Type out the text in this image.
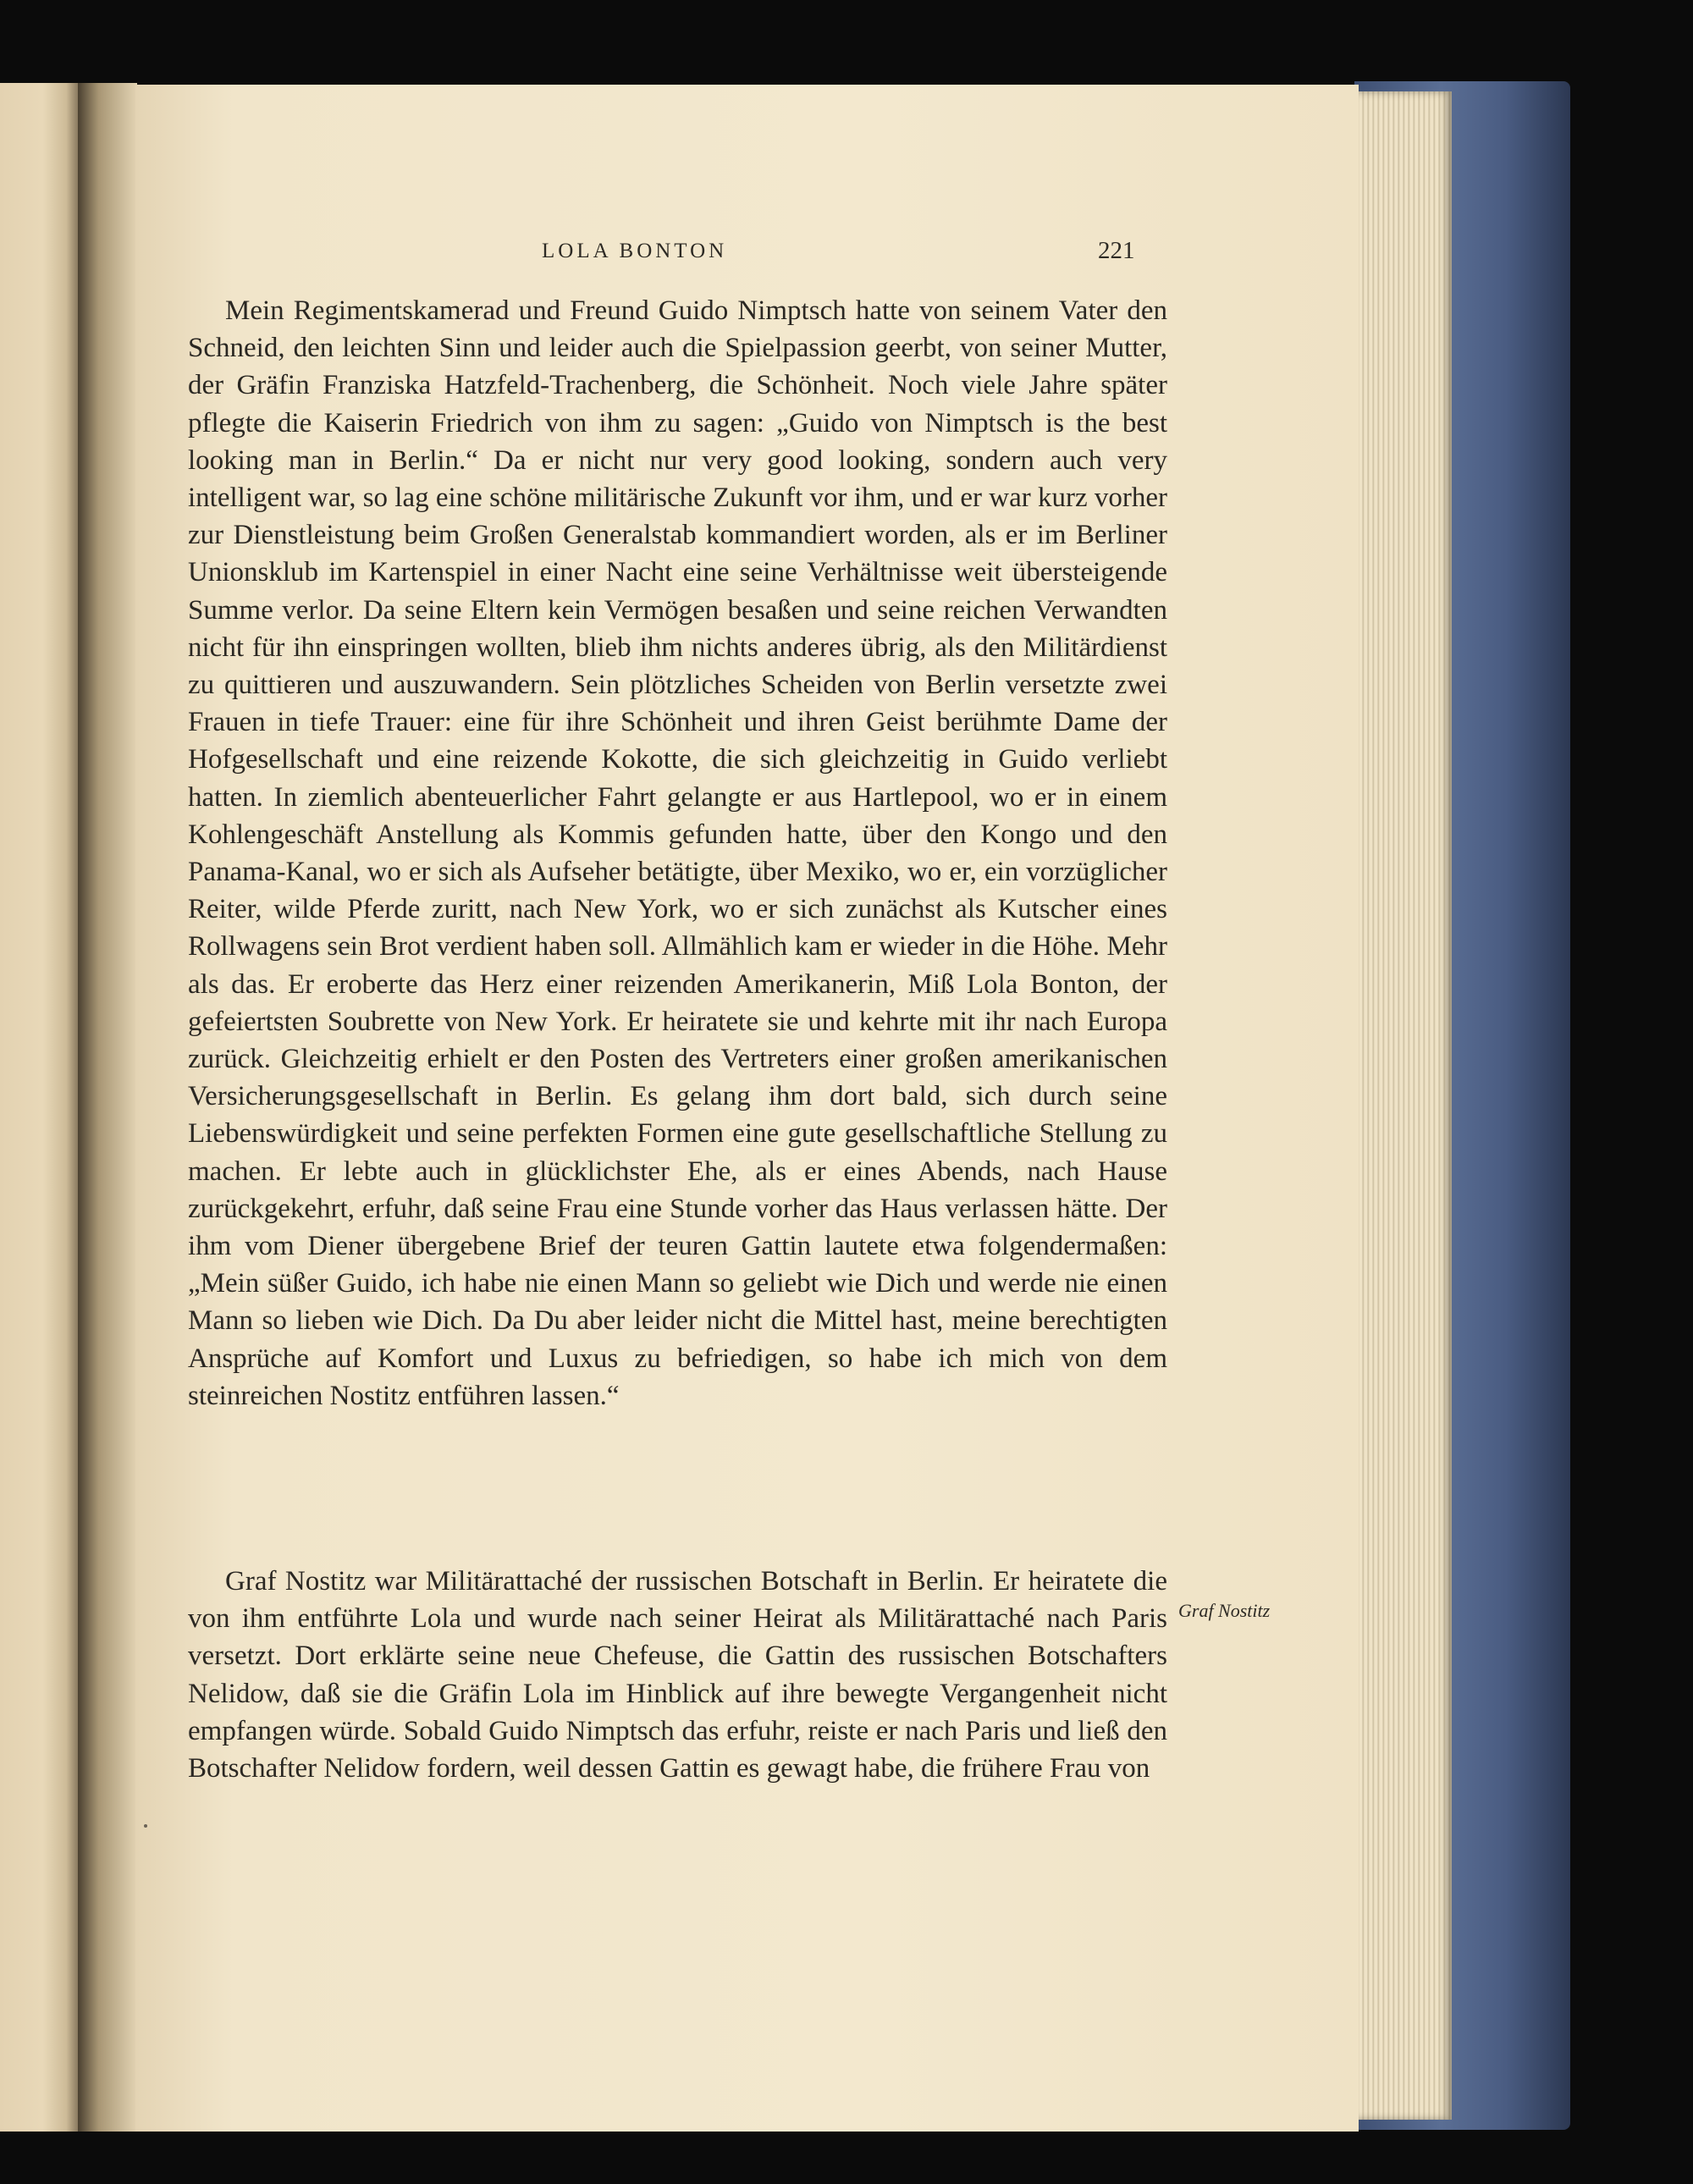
LOLA BONTON	221

Mein Regimentskamerad und Freund Guido Nimptsch hatte von seinem Vater den Schneid, den leichten Sinn und leider auch die Spielpassion geerbt, von seiner Mutter, der Gräfin Franziska Hatzfeld-Trachenberg, die Schönheit. Noch viele Jahre später pflegte die Kaiserin Friedrich von ihm zu sagen: „Guido von Nimptsch is the best looking man in Berlin.“ Da er nicht nur very good looking, sondern auch very intelligent war, so lag eine schöne militärische Zukunft vor ihm, und er war kurz vorher zur Dienstleistung beim Großen Generalstab kommandiert worden, als er im Berliner Unionsklub im Kartenspiel in einer Nacht eine seine Verhältnisse weit übersteigende Summe verlor. Da seine Eltern kein Vermögen besaßen und seine reichen Verwandten nicht für ihn einspringen wollten, blieb ihm nichts anderes übrig, als den Militärdienst zu quittieren und auszuwandern. Sein plötzliches Scheiden von Berlin versetzte zwei Frauen in tiefe Trauer: eine für ihre Schönheit und ihren Geist berühmte Dame der Hofgesellschaft und eine reizende Kokotte, die sich gleichzeitig in Guido verliebt hatten. In ziemlich abenteuerlicher Fahrt gelangte er aus Hartlepool, wo er in einem Kohlengeschäft Anstellung als Kommis gefunden hatte, über den Kongo und den Panama-Kanal, wo er sich als Aufseher betätigte, über Mexiko, wo er, ein vorzüglicher Reiter, wilde Pferde zuritt, nach New York, wo er sich zunächst als Kutscher eines Rollwagens sein Brot verdient haben soll. Allmählich kam er wieder in die Höhe. Mehr als das. Er eroberte das Herz einer reizenden Amerikanerin, Miß Lola Bonton, der gefeiertsten Soubrette von New York. Er heiratete sie und kehrte mit ihr nach Europa zurück. Gleichzeitig erhielt er den Posten des Vertreters einer großen amerikanischen Versicherungsgesellschaft in Berlin. Es gelang ihm dort bald, sich durch seine Liebenswürdigkeit und seine perfekten Formen eine gute gesellschaftliche Stellung zu machen. Er lebte auch in glücklichster Ehe, als er eines Abends, nach Hause zurückgekehrt, erfuhr, daß seine Frau eine Stunde vorher das Haus verlassen hätte. Der ihm vom Diener übergebene Brief der teuren Gattin lautete etwa folgendermaßen: „Mein süßer Guido, ich habe nie einen Mann so geliebt wie Dich und werde nie einen Mann so lieben wie Dich. Da Du aber leider nicht die Mittel hast, meine berechtigten Ansprüche auf Komfort und Luxus zu befriedigen, so habe ich mich von dem steinreichen Nostitz entführen lassen.“

Graf Nostitz war Militärattaché der russischen Botschaft in Berlin. Er heiratete die von ihm entführte Lola und wurde nach seiner Heirat als Militärattaché nach Paris versetzt. Dort erklärte seine neue Chefeuse, die Gattin des russischen Botschafters Nelidow, daß sie die Gräfin Lola im Hinblick auf ihre bewegte Vergangenheit nicht empfangen würde. Sobald Guido Nimptsch das erfuhr, reiste er nach Paris und ließ den Botschafter Nelidow fordern, weil dessen Gattin es gewagt habe, die frühere Frau von

Graf Nostitz
